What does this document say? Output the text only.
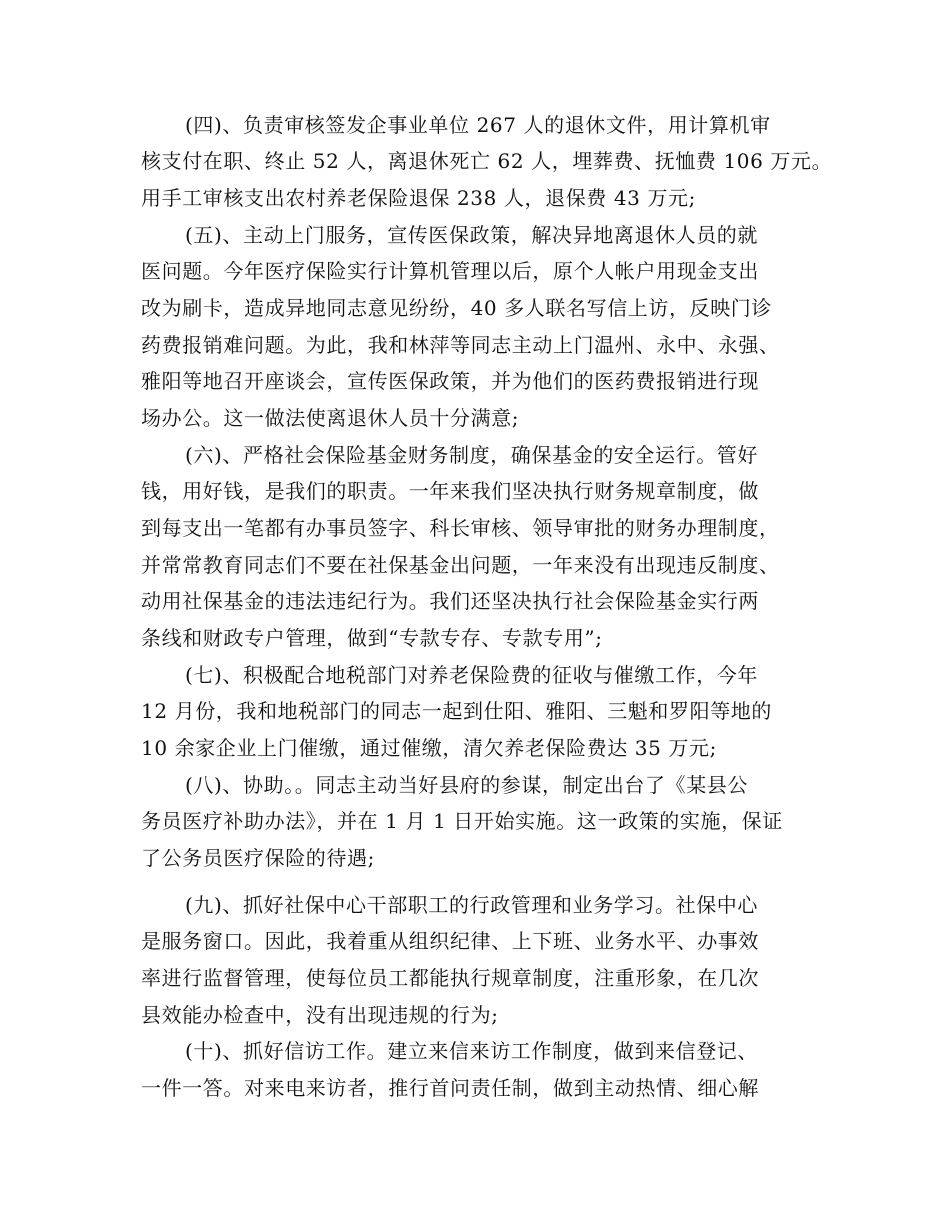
(四)、负责审核签发企事业单位 267 人的退休文件，用计算机审
核支付在职、终止 52 人，离退休死亡 62 人，埋葬费、抚恤费 106 万元。
用手工审核支出农村养老保险退保 238 人，退保费 43 万元;
(五)、主动上门服务，宣传医保政策，解决异地离退休人员的就
医问题。今年医疗保险实行计算机管理以后，原个人帐户用现金支出
改为刷卡，造成异地同志意见纷纷，40 多人联名写信上访，反映门诊
药费报销难问题。为此，我和林萍等同志主动上门温州、永中、永强、
雅阳等地召开座谈会，宣传医保政策，并为他们的医药费报销进行现
场办公。这一做法使离退休人员十分满意;
(六)、严格社会保险基金财务制度，确保基金的安全运行。管好
钱，用好钱，是我们的职责。一年来我们坚决执行财务规章制度，做
到每支出一笔都有办事员签字、科长审核、领导审批的财务办理制度，
并常常教育同志们不要在社保基金出问题，一年来没有出现违反制度、
动用社保基金的违法违纪行为。我们还坚决执行社会保险基金实行两
条线和财政专户管理，做到“专款专存、专款专用”;
(七)、积极配合地税部门对养老保险费的征收与催缴工作，今年
12 月份，我和地税部门的同志一起到仕阳、雅阳、三魁和罗阳等地的
10 余家企业上门催缴，通过催缴，清欠养老保险费达 35 万元;
(八)、协助。。同志主动当好县府的参谋，制定出台了《某县公
务员医疗补助办法》，并在 1 月 1 日开始实施。这一政策的实施，保证
了公务员医疗保险的待遇;
(九)、抓好社保中心干部职工的行政管理和业务学习。社保中心
是服务窗口。因此，我着重从组织纪律、上下班、业务水平、办事效
率进行监督管理，使每位员工都能执行规章制度，注重形象，在几次
县效能办检查中，没有出现违规的行为;
(十)、抓好信访工作。建立来信来访工作制度，做到来信登记、
一件一答。对来电来访者，推行首问责任制，做到主动热情、细心解
